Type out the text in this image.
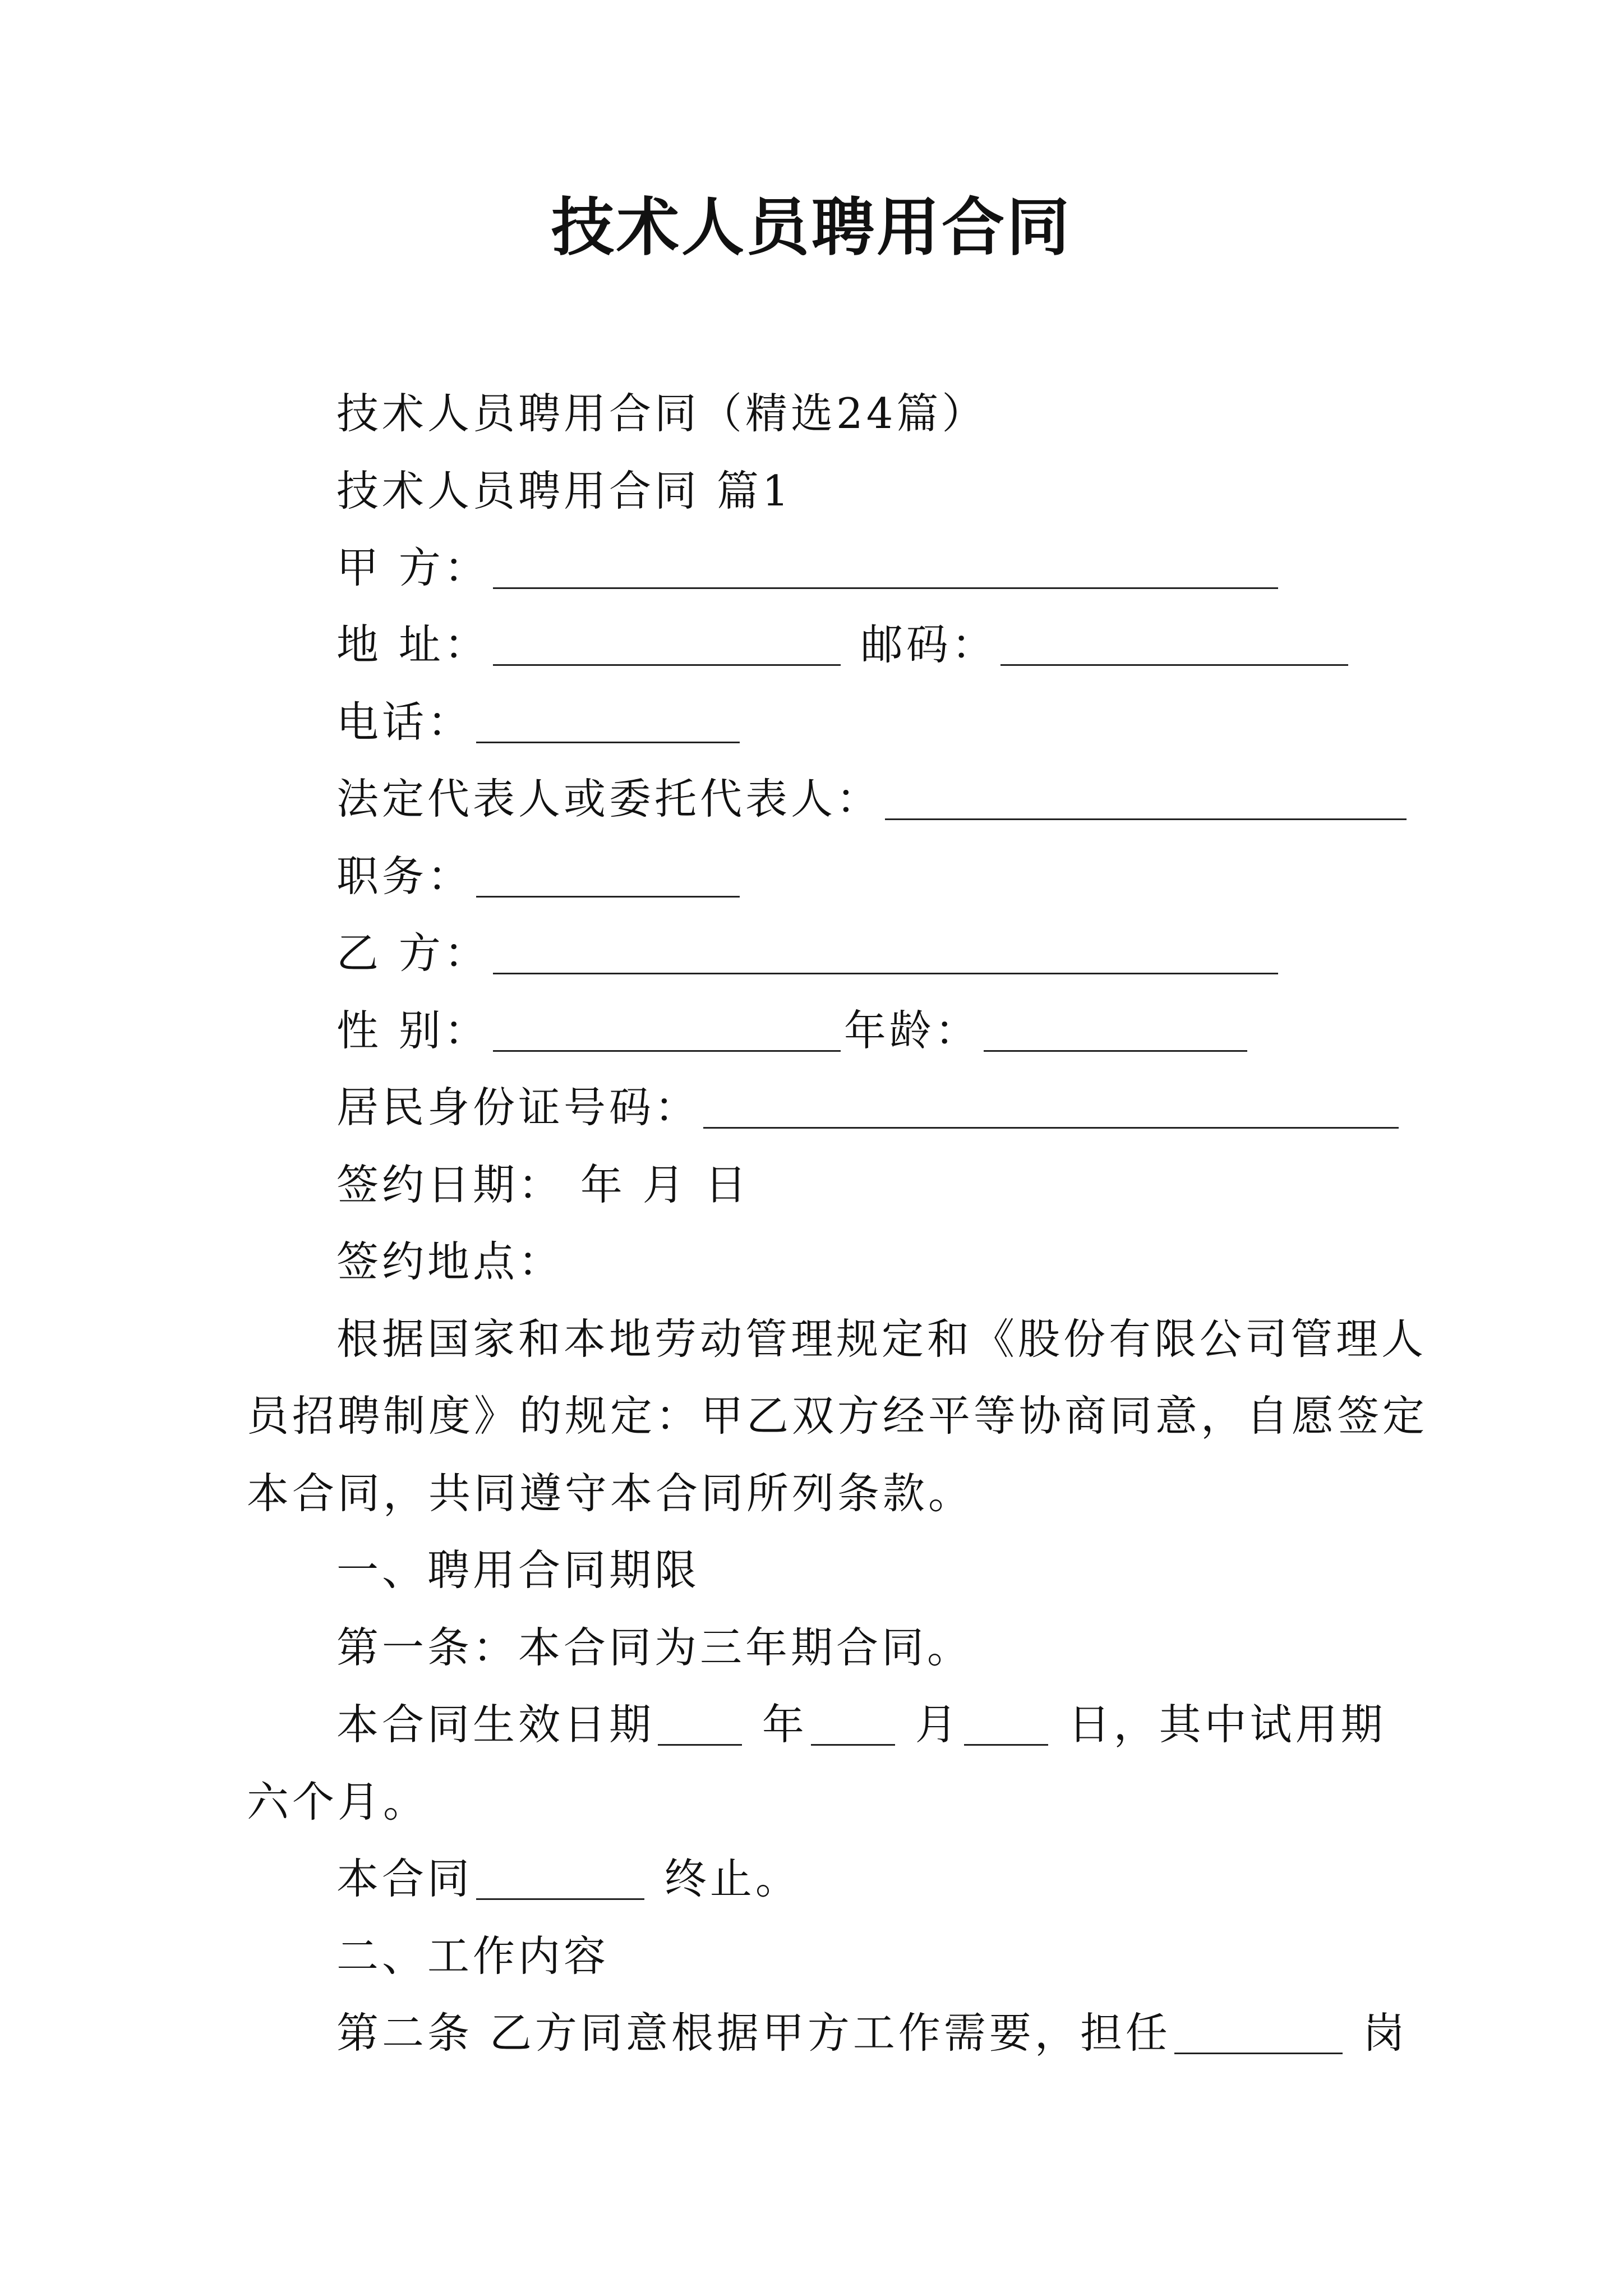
技术人员聘用合同
技术人员聘用合同（精选24篇）
技术人员聘用合同 篇1
甲 方：
地 址：	邮码：
电话：
法定代表人或委托代表人：
职务：
乙 方：
性 别：	年龄：
居民身份证号码：
签约日期： 年 月 日
签约地点：
根据国家和本地劳动管理规定和《股份有限公司管理人
员招聘制度》的规定：甲乙双方经平等协商同意，自愿签定
本合同，共同遵守本合同所列条款。
一、聘用合同期限
第一条：本合同为三年期合同。
本合同生效日期	年	月	日，其中试用期
六个月。
本合同	终止。
二、工作内容
第二条 乙方同意根据甲方工作需要，担任	岗
